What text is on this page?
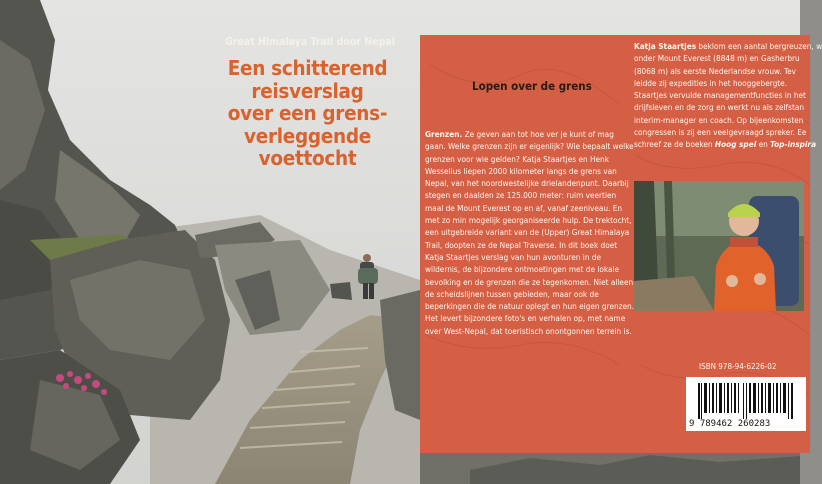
Great Himalaya Trail door Nepal
Een schitterend
reisverslag
over een grens-
verleggende
voettocht
Lopen over de grens
Grenzen. Ze geven aan tot hoe ver je kunt of mag gaan. Welke grenzen zijn er eigenlijk? Wie bepaalt welke grenzen voor wie gelden? Katja Staartjes en Henk Wesselius liepen 2000 kilometer langs de grens van Nepal, van het noordwestelijke drielandenpunt. Daarbij stegen en daalden ze 125.000 meter: ruim veertien maal de Mount Everest op en af, vanaf zeeniveau. En met zo min mogelijk georganiseerde hulp. De trektocht, een uitgebreide variant van de (Upper) Great Himalaya Trail, doopten ze de Nepal Traverse. In dit boek doet Katja Staartjes verslag van hun avonturen in de wildernis, de bijzondere ontmoetingen met de lokale bevolking en de grenzen die ze tegenkomen. Niet alleen de scheidslijnen tussen gebieden, maar ook de beperkingen die de natuur oplegt en hun eigen grenzen. Het levert bijzondere foto's en verhalen op, met name over West-Nepal, dat toeristisch onontgonnen terrein is.
Katja Staartjes beklom een aantal bergreuzen, w
onder Mount Everest (8848 m) en Gasherbru
(8068 m) als eerste Nederlandse vrouw. Tev
leidde zij expedities in het hooggebergte.
Staartjes vervulde managementfuncties in het
drijfsleven en de zorg en werkt nu als zelfstan
interim-manager en coach. Op bijeenkomsten
congressen is zij een veelgevraagd spreker. Ee
schreef ze de boeken Hoog spel en Top-inspira
ISBN 978-94-6226-02
9 789462 260283
